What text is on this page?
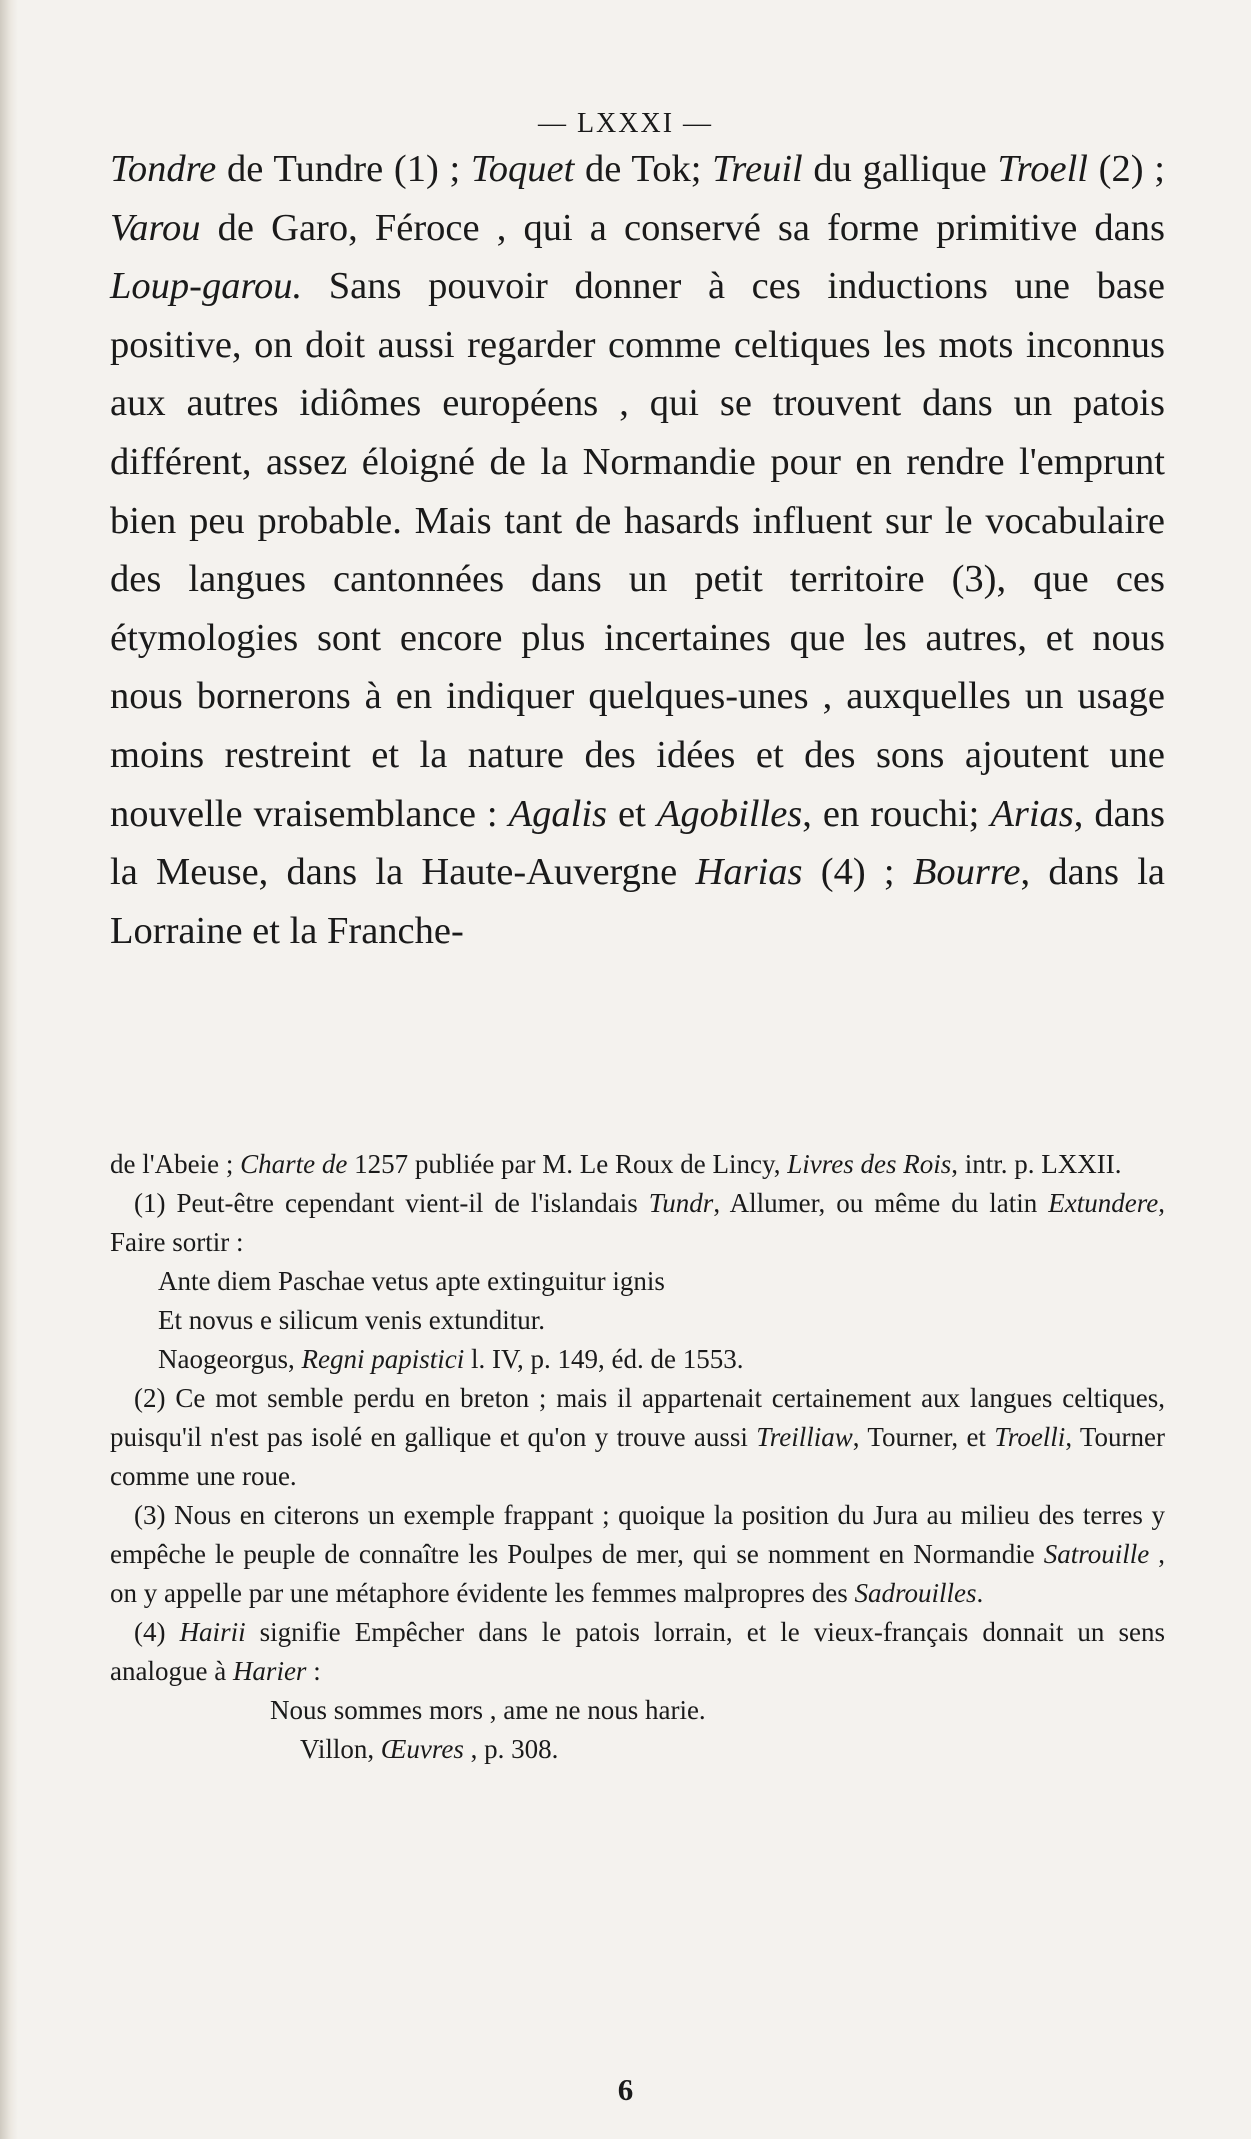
— LXXXI —

Tondre de Tundre (1) ; Toquet de Tok; Treuil du gallique Troell (2) ; Varou de Garo, Féroce , qui a conservé sa forme primitive dans Loup-garou. Sans pouvoir donner à ces inductions une base positive, on doit aussi regarder comme celtiques les mots inconnus aux autres idiômes européens , qui se trouvent dans un patois différent, assez éloigné de la Normandie pour en rendre l'emprunt bien peu probable. Mais tant de hasards influent sur le vocabulaire des langues cantonnées dans un petit territoire (3), que ces étymologies sont encore plus incertaines que les autres, et nous nous bornerons à en indiquer quelques-unes , auxquelles un usage moins restreint et la nature des idées et des sons ajoutent une nouvelle vraisemblance : Agalis et Agobilles, en rouchi; Arias, dans la Meuse, dans la Haute-Auvergne Harias (4) ; Bourre, dans la Lorraine et la Franche-

de l'Abeie ; Charte de 1257 publiée par M. Le Roux de Lincy, Livres des Rois, intr. p. LXXII.

(1) Peut-être cependant vient-il de l'islandais Tundr, Allumer, ou même du latin Extundere, Faire sortir :

Ante diem Paschae vetus apte extinguitur ignis

Et novus e silicum venis extunditur.

Naogeorgus, Regni papistici l. IV, p. 149, éd. de 1553.

(2) Ce mot semble perdu en breton ; mais il appartenait certainement aux langues celtiques, puisqu'il n'est pas isolé en gallique et qu'on y trouve aussi Treilliaw, Tourner, et Troelli, Tourner comme une roue.

(3) Nous en citerons un exemple frappant ; quoique la position du Jura au milieu des terres y empêche le peuple de connaître les Poulpes de mer, qui se nomment en Normandie Satrouille , on y appelle par une métaphore évidente les femmes malpropres des Sadrouilles.

(4) Hairii signifie Empêcher dans le patois lorrain, et le vieux-français donnait un sens analogue à Harier :

Nous sommes mors , ame ne nous harie.

Villon, Œuvres , p. 308.

6
